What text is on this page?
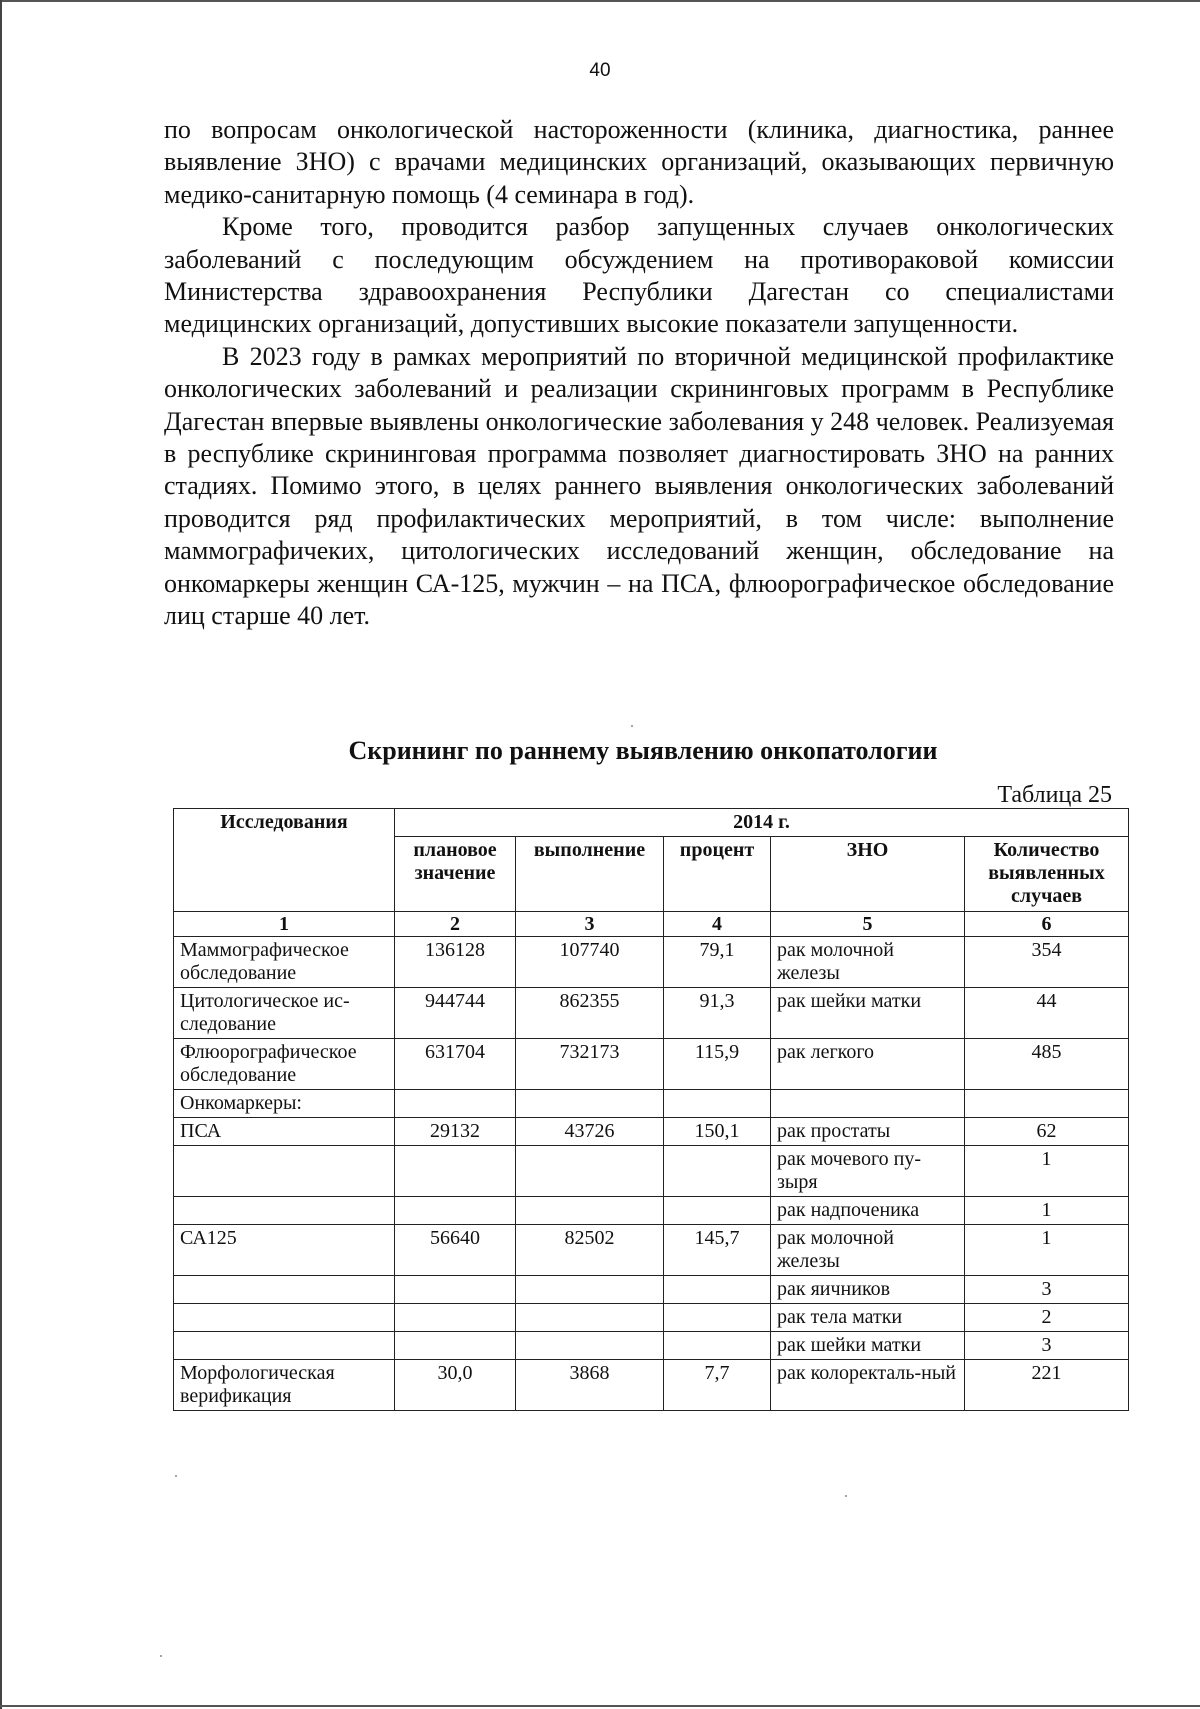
40

по вопросам онкологической настороженности (клиника, диагностика, раннее выявление ЗНО) с врачами медицинских организаций, оказывающих первичную медико-санитарную помощь (4 семинара в год).

Кроме того, проводится разбор запущенных случаев онкологических заболеваний с последующим обсуждением на противораковой комиссии Министерства здравоохранения Республики Дагестан со специалистами медицинских организаций, допустивших высокие показатели запущенности.

В 2023 году в рамках мероприятий по вторичной медицинской профилактике онкологических заболеваний и реализации скрининговых программ в Республике Дагестан впервые выявлены онкологические заболевания у 248 человек. Реализуемая в республике скрининговая программа позволяет диагностировать ЗНО на ранних стадиях. Помимо этого, в целях раннего выявления онкологических заболеваний проводится ряд профилактических мероприятий, в том числе: выполнение маммографичеких, цитологических исследований женщин, обследование на онкомаркеры женщин СА-125, мужчин – на ПСА, флюорографическое обследование лиц старше 40 лет.

Скрининг по раннему выявлению онкопатологии
Таблица 25
Исследования	2014 г.				
	плановое значение	выполнение	процент	ЗНО	Количество выявленных случаев
1	2	3	4	5	6
Маммографическое обследование	136128	107740	79,1	рак молочной железы	354
Цитологическое ис-следование	944744	862355	91,3	рак шейки матки	44
Флюорографическое обследование	631704	732173	115,9	рак легкого	485
Онкомаркеры:					
ПСА	29132	43726	150,1	рак простаты	62
				рак мочевого пу-зыря	1
				рак надпоченика	1
СА125	56640	82502	145,7	рак молочной железы	1
				рак яичников	3
				рак тела матки	2
				рак шейки матки	3
Морфологическая верификация	30,0	3868	7,7	рак колоректаль-ный	221
